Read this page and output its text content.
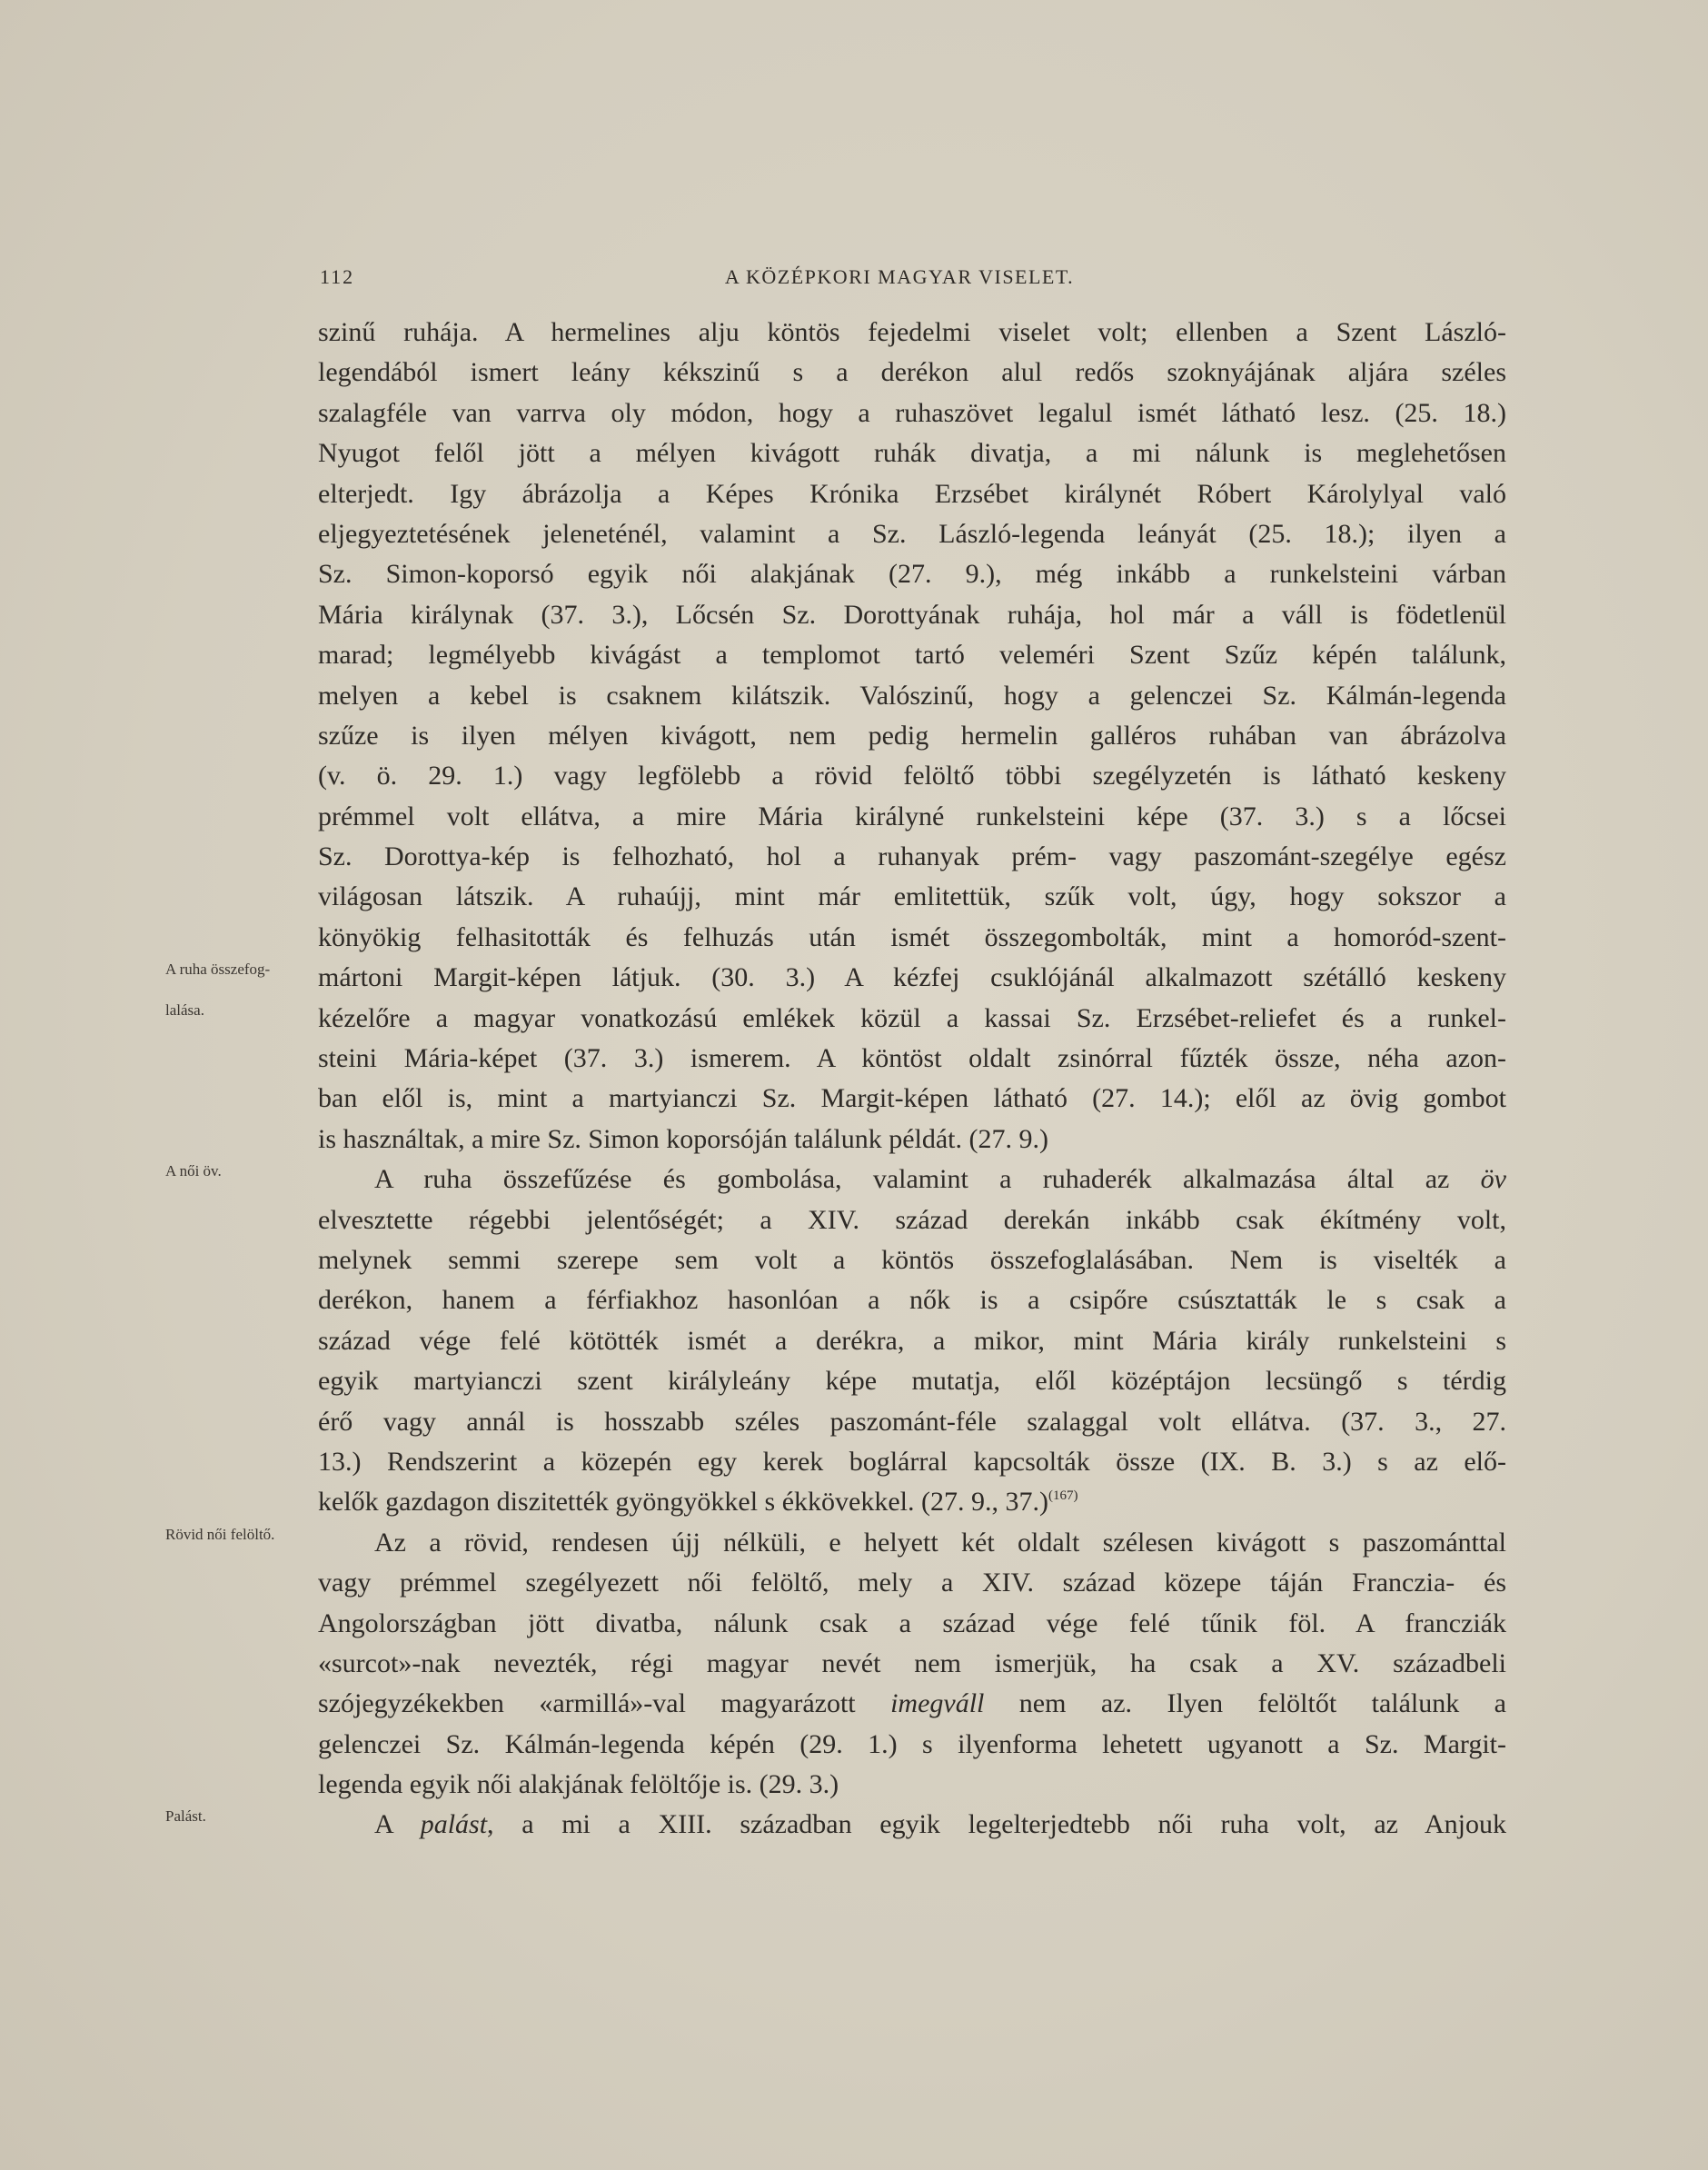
112	A KÖZÉPKORI MAGYAR VISELET.
szinű ruhája. A hermelines alju köntös fejedelmi viselet volt; ellenben a Szent László-
legendából ismert leány kékszinű s a derékon alul redős szoknyájának aljára széles
szalagféle van varrva oly módon, hogy a ruhaszövet legalul ismét látható lesz. (25. 18.)
Nyugot felől jött a mélyen kivágott ruhák divatja, a mi nálunk is meglehetősen
elterjedt. Igy ábrázolja a Képes Krónika Erzsébet királynét Róbert Károlylyal való
eljegyeztetésének jeleneténél, valamint a Sz. László-legenda leányát (25. 18.); ilyen a
Sz. Simon-koporsó egyik női alakjának (27. 9.), még inkább a runkelsteini várban
Mária királynak (37. 3.), Lőcsén Sz. Dorottyának ruhája, hol már a váll is födetlenül
marad; legmélyebb kivágást a templomot tartó veleméri Szent Szűz képén találunk,
melyen a kebel is csaknem kilátszik. Valószinű, hogy a gelenczei Sz. Kálmán-legenda
szűze is ilyen mélyen kivágott, nem pedig hermelin galléros ruhában van ábrázolva
(v. ö. 29. 1.) vagy legfölebb a rövid felöltő többi szegélyzetén is látható keskeny
prémmel volt ellátva, a mire Mária királyné runkelsteini képe (37. 3.) s a lőcsei
Sz. Dorottya-kép is felhozható, hol a ruhanyak prém- vagy paszománt-szegélye egész
világosan látszik. A ruhaújj, mint már emlitettük, szűk volt, úgy, hogy sokszor a
könyökig felhasitották és felhuzás után ismét összegombolták, mint a homoród-szent-
A ruha összefog- mártoni Margit-képen látjuk. (30. 3.) A kézfej csuklójánál alkalmazott szétálló keskeny
lalása.	kézelőre a magyar vonatkozású emlékek közül a kassai Sz. Erzsébet-reliefet és a runkel-
steini Mária-képet (37. 3.) ismerem. A köntöst oldalt zsinórral fűzték össze, néha azon-
ban elől is, mint a martyianczi Sz. Margit-képen látható (27. 14.); elől az övig gombot
is használtak, a mire Sz. Simon koporsóján találunk példát. (27. 9.)
A női öv.	A ruha összefűzése és gombolása, valamint a ruhaderék alkalmazása által az öv
elvesztette régebbi jelentőségét; a XIV. század derekán inkább csak ékítmény volt,
melynek semmi szerepe sem volt a köntös összefoglalásában. Nem is viselték a
derékon, hanem a férfiakhoz hasonlóan a nők is a csipőre csúsztatták le s csak a
század vége felé kötötték ismét a derékra, a mikor, mint Mária király runkelsteini s
egyik martyianczi szent királyleány képe mutatja, elől középtájon lecsüngő s térdig
érő vagy annál is hosszabb széles paszománt-féle szalaggal volt ellátva. (37. 3., 27.
13.) Rendszerint a közepén egy kerek boglárral kapcsolták össze (IX. B. 3.) s az elő-
kelők gazdagon diszitették gyöngyökkel s ékkövekkel. (27. 9., 37.)$^{(167)}$
Rövid női felöltő.	Az a rövid, rendesen újj nélküli, e helyett két oldalt szélesen kivágott s paszománttal
vagy prémmel szegélyezett női felöltő, mely a XIV. század közepe táján Franczia- és
Angolországban jött divatba, nálunk csak a század vége felé tűnik föl. A francziák
«surcot»-nak nevezték, régi magyar nevét nem ismerjük, ha csak a XV. századbeli
szójegyzékekben «armillá»-val magyarázott imegváll nem az. Ilyen felöltőt találunk a
gelenczei Sz. Kálmán-legenda képén (29. 1.) s ilyenforma lehetett ugyanott a Sz. Margit-
legenda egyik női alakjának felöltője is. (29. 3.)
Palást.	A palást, a mi a XIII. században egyik legelterjedtebb női ruha volt, az Anjouk
